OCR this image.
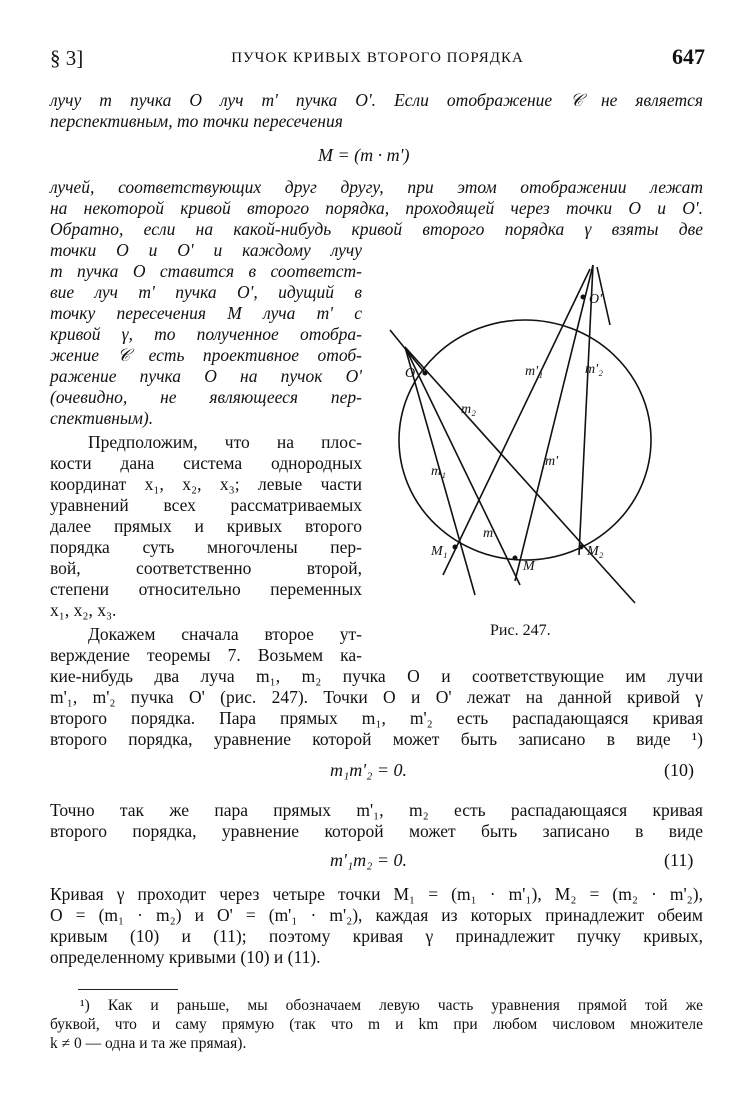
§ 3]	ПУЧОК КРИВЫХ ВТОРОГО ПОРЯДКА	647
лучу m пучка O луч m' пучка O'. Если отображение 𝒞 не является
перспективным, то точки пересечения
M = (m · m')
лучей, соответствующих друг другу, при этом отображении лежат
на некоторой кривой второго порядка, проходящей через точки O и O'.
Обратно, если на какой-нибудь кривой второго порядка γ взяты две
точки O и O' и каждому лучу
m пучка O ставится в соответст-
вие луч m' пучка O', идущий в
точку пересечения M луча m' с
кривой γ, то полученное отобра-
жение 𝒞 есть проективное отоб-
ражение пучка O на пучок O'
(очевидно, не являющееся пер-
спективным).
Предположим, что на плос-
кости дана система однородных
координат x₁, x₂, x₃; левые части
уравнений всех рассматриваемых
далее прямых и кривых второго
порядка суть многочлены пер-
вой, соответственно второй,
степени относительно переменных
x₁, x₂, x₃.
Докажем сначала второе ут-
верждение теоремы 7. Возьмем ка-
кие-нибудь два луча m₁, m₂ пучка O и соответствующие им лучи
m'₁, m'₂ пучка O' (рис. 247). Точки O и O' лежат на данной кривой γ
второго порядка. Пара прямых m₁, m'₂ есть распадающаяся кривая
второго порядка, уравнение которой может быть записано в виде ¹)
m₁m'₂ = 0.	(10)
Точно так же пара прямых m'₁, m₂ есть распадающаяся кривая
второго порядка, уравнение которой может быть записано в виде
m'₁m₂ = 0.	(11)
Кривая γ проходит через четыре точки M₁ = (m₁ · m'₁), M₂ = (m₂ · m'₂),
O = (m₁ · m₂) и O' = (m'₁ · m'₂), каждая из которых принадлежит обеим
кривым (10) и (11); поэтому кривая γ принадлежит пучку кривых,
определенному кривыми (10) и (11).
¹) Как и раньше, мы обозначаем левую часть уравнения прямой той же
буквой, что и саму прямую (так что m и km при любом числовом множителе
k ≠ 0 — одна и та же прямая).
O
O'
M₁	M₂
M
m
m₁
m₂
m'
m'₁	m'₂
Рис. 247.
